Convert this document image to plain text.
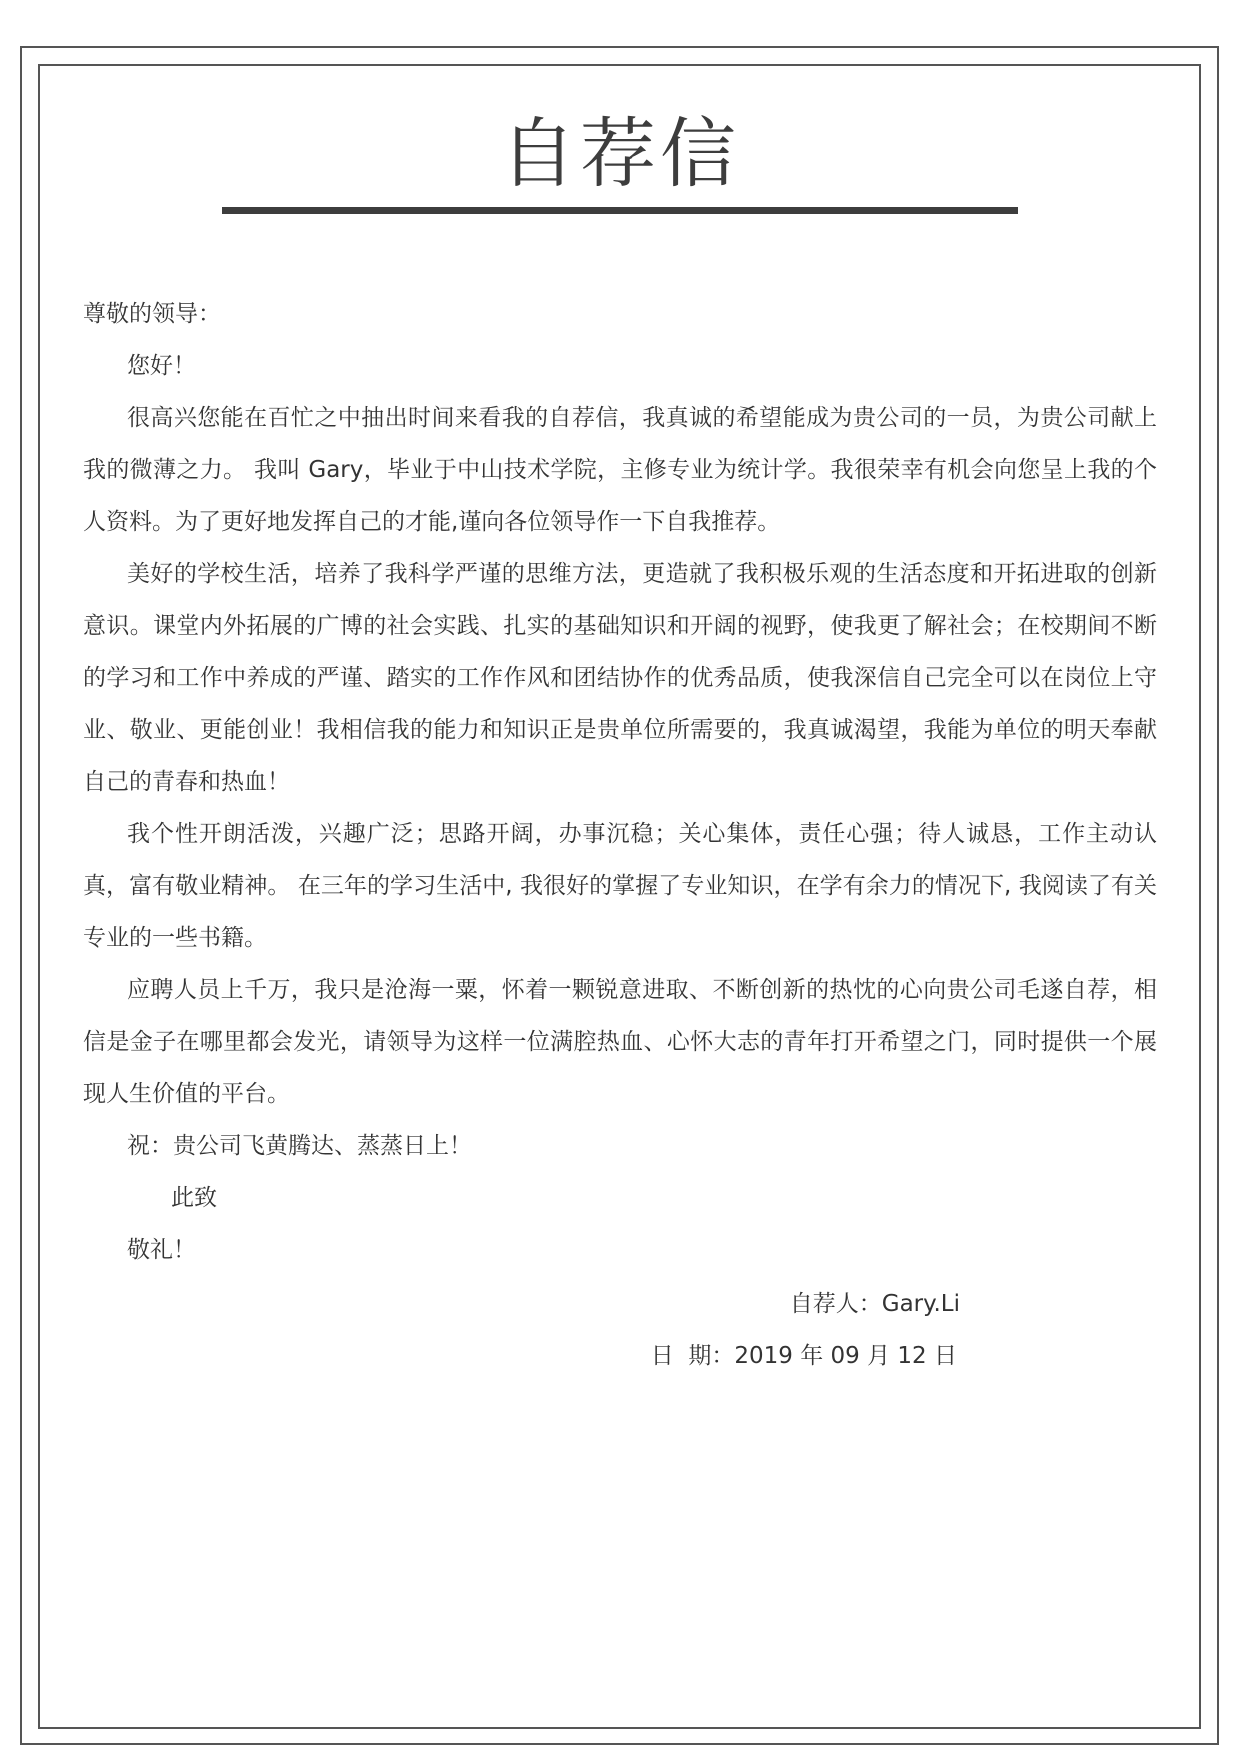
自荐信

尊敬的领导：

您好！

很高兴您能在百忙之中抽出时间来看我的自荐信，我真诚的希望能成为贵公司的一员，为贵公司献上我的微薄之力。 我叫 Gary，毕业于中山技术学院，主修专业为统计学。我很荣幸有机会向您呈上我的个人资料。为了更好地发挥自己的才能,谨向各位领导作一下自我推荐。

美好的学校生活，培养了我科学严谨的思维方法，更造就了我积极乐观的生活态度和开拓进取的创新意识。课堂内外拓展的广博的社会实践、扎实的基础知识和开阔的视野，使我更了解社会；在校期间不断的学习和工作中养成的严谨、踏实的工作作风和团结协作的优秀品质，使我深信自己完全可以在岗位上守业、敬业、更能创业！我相信我的能力和知识正是贵单位所需要的，我真诚渴望，我能为单位的明天奉献自己的青春和热血！

我个性开朗活泼，兴趣广泛；思路开阔，办事沉稳；关心集体，责任心强；待人诚恳，工作主动认真，富有敬业精神。 在三年的学习生活中, 我很好的掌握了专业知识，在学有余力的情况下, 我阅读了有关专业的一些书籍。

应聘人员上千万，我只是沧海一粟，怀着一颗锐意进取、不断创新的热忱的心向贵公司毛遂自荐，相信是金子在哪里都会发光，请领导为这样一位满腔热血、心怀大志的青年打开希望之门，同时提供一个展现人生价值的平台。

祝：贵公司飞黄腾达、蒸蒸日上！

此致

敬礼！

自荐人：Gary.Li
日  期：2019 年 09 月 12 日
